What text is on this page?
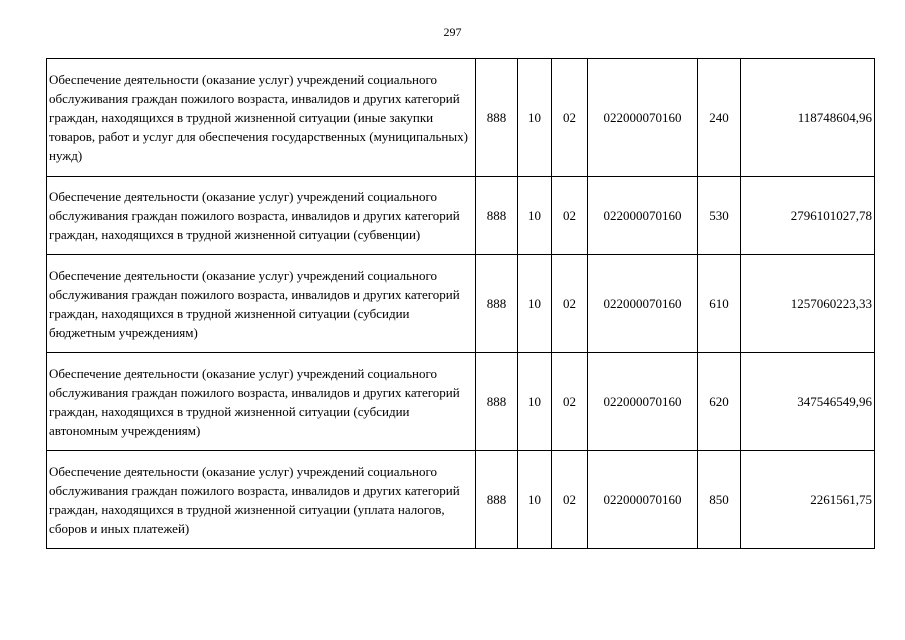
297
Обеспечение деятельности (оказание услуг) учреждений социального обслуживания граждан пожилого возраста, инвалидов и других категорий граждан, находящихся в трудной жизненной ситуации (иные закупки товаров, работ и услуг для обеспечения государственных (муниципальных) нужд)	888	10	02	022000070160	240	118748604,96
Обеспечение деятельности (оказание услуг) учреждений социального обслуживания граждан пожилого возраста, инвалидов и других категорий граждан, находящихся в трудной жизненной ситуации (субвенции)	888	10	02	022000070160	530	2796101027,78
Обеспечение деятельности (оказание услуг) учреждений социального обслуживания граждан пожилого возраста, инвалидов и других категорий граждан, находящихся в трудной жизненной ситуации (субсидии бюджетным учреждениям)	888	10	02	022000070160	610	1257060223,33
Обеспечение деятельности (оказание услуг) учреждений социального обслуживания граждан пожилого возраста, инвалидов и других категорий граждан, находящихся в трудной жизненной ситуации (субсидии автономным учреждениям)	888	10	02	022000070160	620	347546549,96
Обеспечение деятельности (оказание услуг) учреждений социального обслуживания граждан пожилого возраста, инвалидов и других категорий граждан, находящихся в трудной жизненной ситуации (уплата налогов, сборов и иных платежей)	888	10	02	022000070160	850	2261561,75
